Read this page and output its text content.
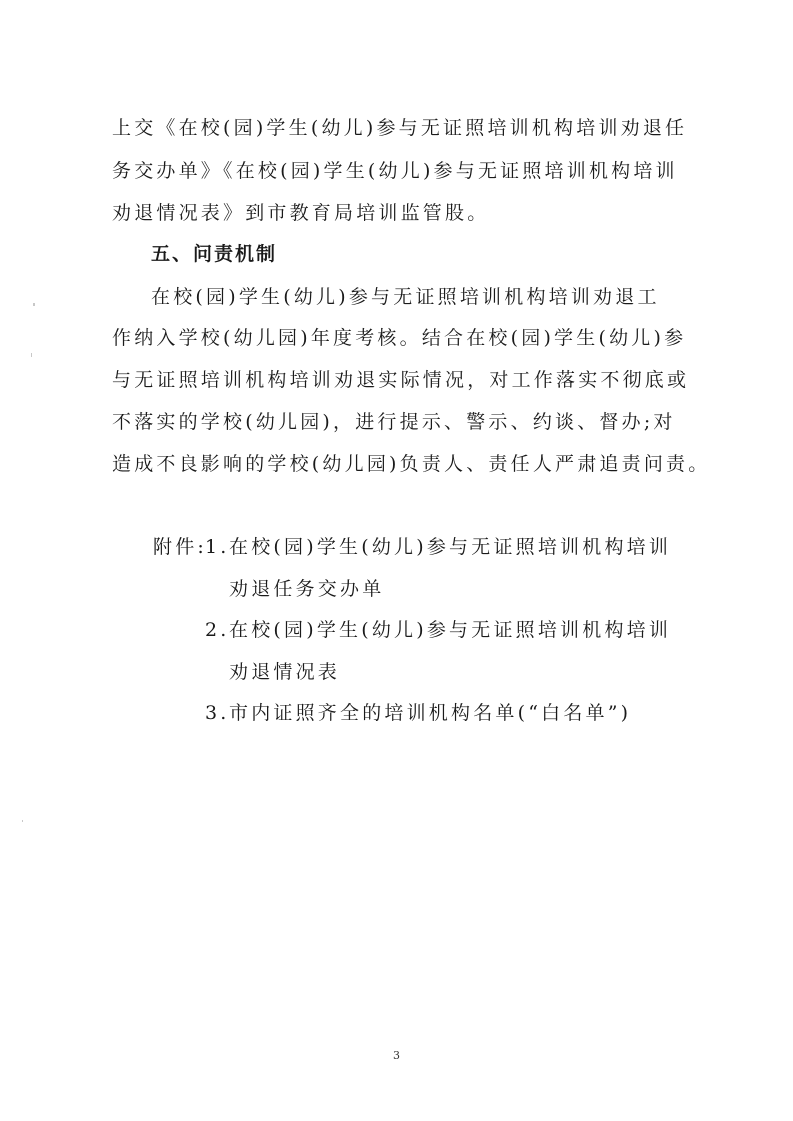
上交《在校(园)学生(幼儿)参与无证照培训机构培训劝退任
务交办单》《在校(园)学生(幼儿)参与无证照培训机构培训
劝退情况表》到市教育局培训监管股。
五、问责机制
在校(园)学生(幼儿)参与无证照培训机构培训劝退工
作纳入学校(幼儿园)年度考核。结合在校(园)学生(幼儿)参
与无证照培训机构培训劝退实际情况，对工作落实不彻底或
不落实的学校(幼儿园)，进行提示、警示、约谈、督办;对
造成不良影响的学校(幼儿园)负责人、责任人严肃追责问责。
附件:
1. 在校(园)学生(幼儿)参与无证照培训机构培训
劝退任务交办单
2. 在校(园)学生(幼儿)参与无证照培训机构培训
劝退情况表
3. 市内证照齐全的培训机构名单(“白名单”)
3
